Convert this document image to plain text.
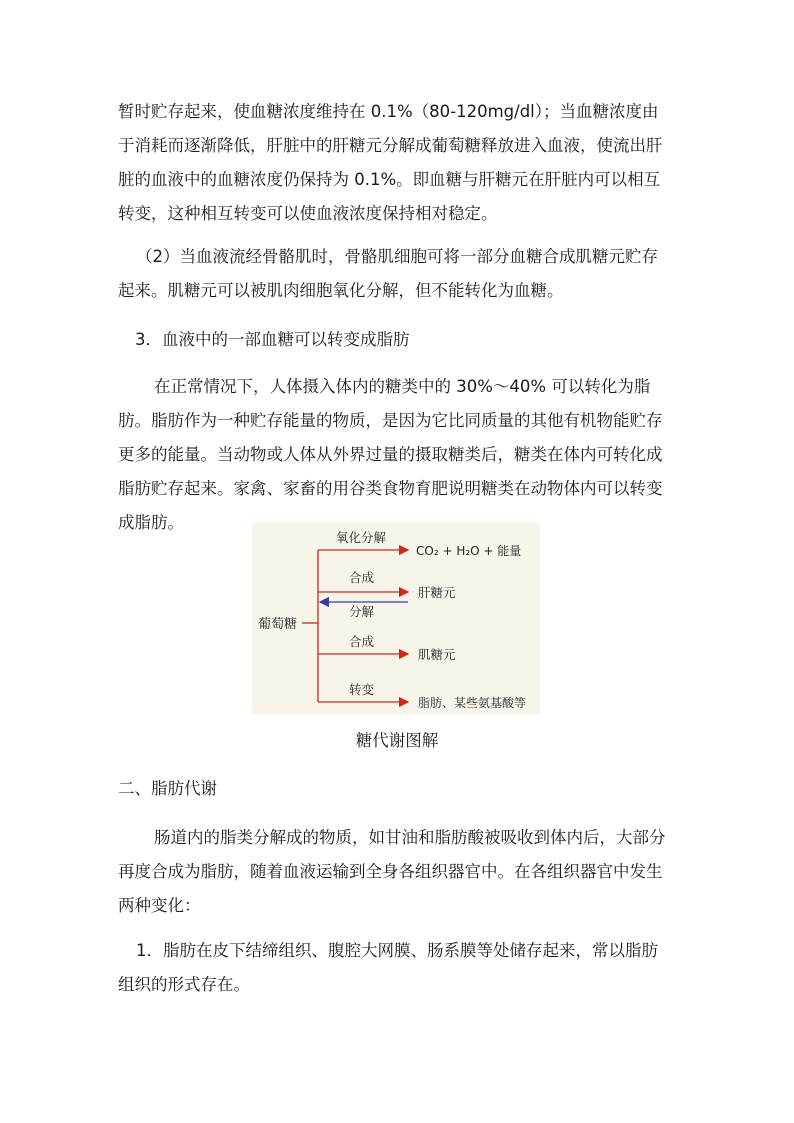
暂时贮存起来，使血糖浓度维持在 0.1%（80-120mg/dl）；当血糖浓度由于消耗而逐渐降低，肝脏中的肝糖元分解成葡萄糖释放进入血液，使流出肝脏的血液中的血糖浓度仍保持为 0.1%。即血糖与肝糖元在肝脏内可以相互转变，这种相互转变可以使血液浓度保持相对稳定。

（2）当血液流经骨骼肌时，骨骼肌细胞可将一部分血糖合成肌糖元贮存起来。肌糖元可以被肌肉细胞氧化分解，但不能转化为血糖。

3．血液中的一部血糖可以转变成脂肪

在正常情况下，人体摄入体内的糖类中的 30%～40% 可以转化为脂肪。脂肪作为一种贮存能量的物质，是因为它比同质量的其他有机物能贮存更多的能量。当动物或人体从外界过量的摄取糖类后，糖类在体内可转化成脂肪贮存起来。家禽、家畜的用谷类食物育肥说明糖类在动物体内可以转变成脂肪。

葡萄糖
氧化分解
CO₂ + H₂O + 能量
合成
肝糖元
分解
合成
肌糖元
转变
脂肪、某些氨基酸等
糖代谢图解

二、脂肪代谢

肠道内的脂类分解成的物质，如甘油和脂肪酸被吸收到体内后，大部分再度合成为脂肪，随着血液运输到全身各组织器官中。在各组织器官中发生两种变化：

1．脂肪在皮下结缔组织、腹腔大网膜、肠系膜等处储存起来，常以脂肪组织的形式存在。
